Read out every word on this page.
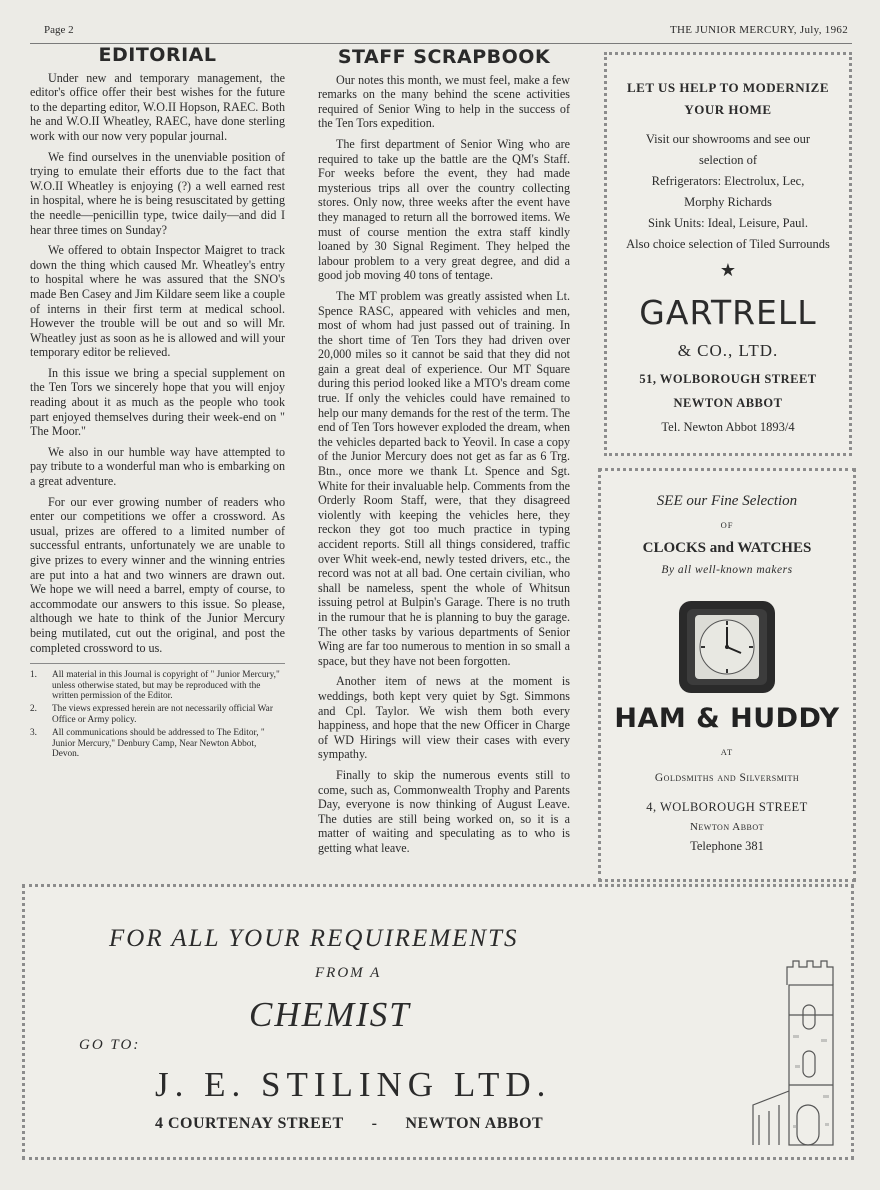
Page 2	THE JUNIOR MERCURY, July, 1962
EDITORIAL

Under new and temporary management, the editor's office offer their best wishes for the future to the departing editor, W.O.II Hopson, RAEC. Both he and W.O.II Wheatley, RAEC, have done sterling work with our now very popular journal.

We find ourselves in the unenviable position of trying to emulate their efforts due to the fact that W.O.II Wheatley is enjoying (?) a well earned rest in hospital, where he is being resuscitated by getting the needle—penicillin type, twice daily—and did I hear three times on Sunday?

We offered to obtain Inspector Maigret to track down the thing which caused Mr. Wheatley's entry to hospital where he was assured that the SNO's made Ben Casey and Jim Kildare seem like a couple of interns in their first term at medical school. However the trouble will be out and so will Mr. Wheatley just as soon as he is allowed and will your temporary editor be relieved.

In this issue we bring a special supplement on the Ten Tors we sincerely hope that you will enjoy reading about it as much as the people who took part enjoyed themselves during their week-end on " The Moor."

We also in our humble way have attempted to pay tribute to a wonderful man who is embarking on a great adventure.

For our ever growing number of readers who enter our competitions we offer a crossword. As usual, prizes are offered to a limited number of successful entrants, unfortunately we are unable to give prizes to every winner and the winning entries are put into a hat and two winners are drawn out. We hope we will need a barrel, empty of course, to accommodate our answers to this issue. So please, although we hate to think of the Junior Mercury being mutilated, cut out the original, and post the completed crossword to us.

1. All material in this Journal is copyright of " Junior Mercury," unless otherwise stated, but may be reproduced with the written permission of the Editor.
2. The views expressed herein are not necessarily official War Office or Army policy.
3. All communications should be addressed to The Editor, " Junior Mercury," Denbury Camp, Near Newton Abbot, Devon.
STAFF SCRAPBOOK

Our notes this month, we must feel, make a few remarks on the many behind the scene activities required of Senior Wing to help in the success of the Ten Tors expedition.

The first department of Senior Wing who are required to take up the battle are the QM's Staff. For weeks before the event, they had made mysterious trips all over the country collecting stores. Only now, three weeks after the event have they managed to return all the borrowed items. We must of course mention the extra staff kindly loaned by 30 Signal Regiment. They helped the labour problem to a very great degree, and did a good job moving 40 tons of tentage.

The MT problem was greatly assisted when Lt. Spence RASC, appeared with vehicles and men, most of whom had just passed out of training. In the short time of Ten Tors they had driven over 20,000 miles so it cannot be said that they did not gain a great deal of experience. Our MT Square during this period looked like a MTO's dream come true. If only the vehicles could have remained to help our many demands for the rest of the term. The end of Ten Tors however exploded the dream, when the vehicles departed back to Yeovil. In case a copy of the Junior Mercury does not get as far as 6 Trg. Btn., once more we thank Lt. Spence and Sgt. White for their invaluable help. Comments from the Orderly Room Staff, were, that they disagreed violently with keeping the vehicles here, they reckon they got too much practice in typing accident reports. Still all things considered, traffic over Whit week-end, newly tested drivers, etc., the record was not at all bad. One certain civilian, who shall be nameless, spent the whole of Whitsun issuing petrol at Bulpin's Garage. There is no truth in the rumour that he is planning to buy the garage. The other tasks by various departments of Senior Wing are far too numerous to mention in so small a space, but they have not been forgotten.

Another item of news at the moment is weddings, both kept very quiet by Sgt. Simmons and Cpl. Taylor. We wish them both every happiness, and hope that the new Officer in Charge of WD Hirings will view their cases with every sympathy.

Finally to skip the numerous events still to come, such as, Commonwealth Trophy and Parents Day, everyone is now thinking of August Leave. The duties are still being worked on, so it is a matter of waiting and speculating as to who is getting what leave.

LET US HELP TO MODERNIZE
YOUR HOME
Visit our showrooms and see our
selection of
Refrigerators: Electrolux, Lec,
Morphy Richards
Sink Units: Ideal, Leisure, Paul.
Also choice selection of Tiled Surrounds
★
GARTRELL
& CO., LTD.
51, WOLBOROUGH STREET
NEWTON ABBOT
Tel. Newton Abbot 1893/4
SEE our Fine Selection
OF
CLOCKS and WATCHES
By all well-known makers
HAM & HUDDY
AT
Goldsmiths and Silversmith
4, WOLBOROUGH STREET
Newton Abbot
Telephone 381
FOR ALL YOUR REQUIREMENTS
FROM A
CHEMIST
GO TO:
J. E. STILING LTD.
4 COURTENAY STREET - NEWTON ABBOT
